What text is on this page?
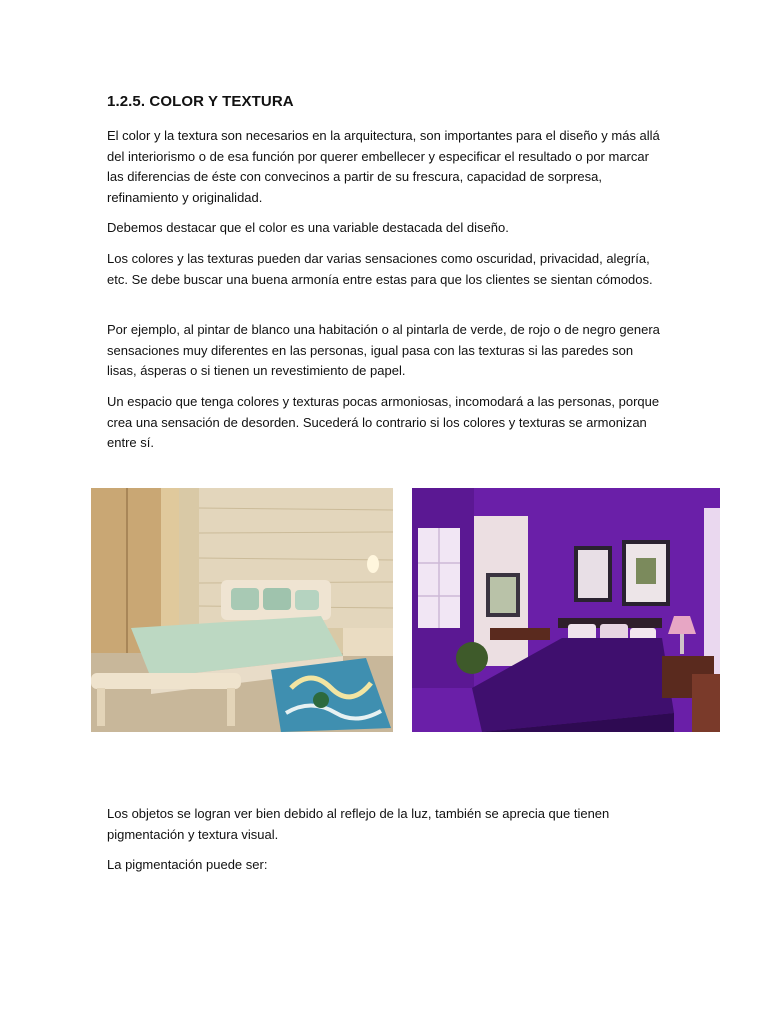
1.2.5. COLOR Y TEXTURA

El color y la textura son necesarios en la arquitectura, son importantes para el diseño y más allá del interiorismo o de esa función por querer embellecer y especificar el resultado o por marcar las diferencias de éste con convecinos a partir de su frescura, capacidad de sorpresa, refinamiento y originalidad.

Debemos destacar que el color es una variable destacada del diseño.

Los colores y las texturas pueden dar varias sensaciones como oscuridad, privacidad, alegría, etc. Se debe buscar una buena armonía entre estas para que los clientes se sientan cómodos.

Por ejemplo, al pintar de blanco una habitación o al pintarla de verde, de rojo o de negro genera sensaciones muy diferentes en las personas, igual pasa con las texturas si las paredes son lisas, ásperas o si tienen un revestimiento de papel.

Un espacio que tenga colores y texturas pocas armoniosas, incomodará a las personas, porque crea una sensación de desorden. Sucederá lo contrario si los colores y texturas se armonizan entre sí.

Los objetos se logran ver bien debido al reflejo de la luz, también se aprecia que tienen pigmentación y textura visual.

La pigmentación puede ser:
